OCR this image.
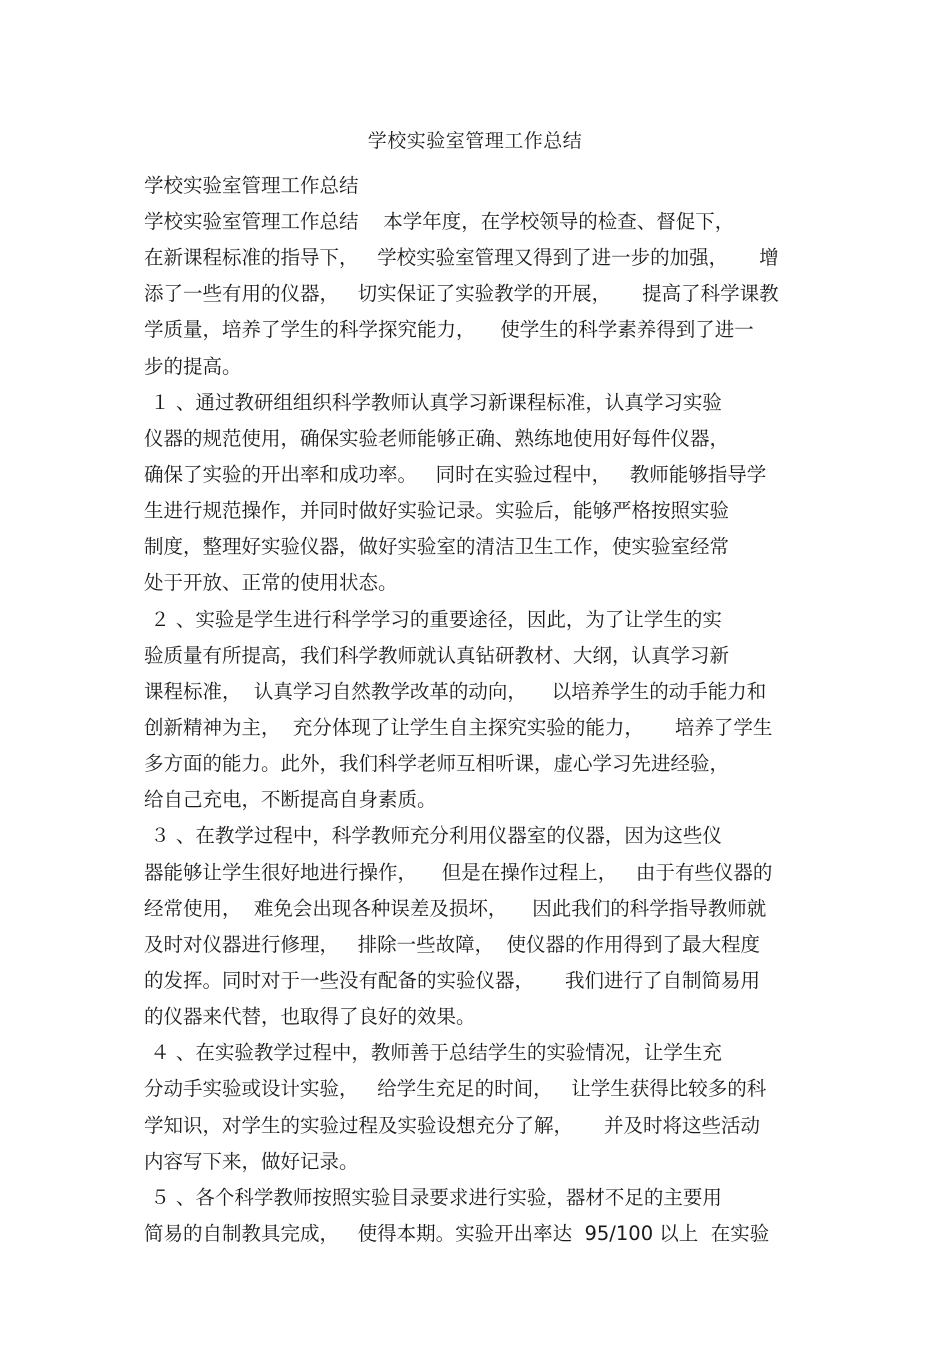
学校实验室管理工作总结
学校实验室管理工作总结
学校实验室管理工作总结    本学年度，在学校领导的检查、督促下，
在新课程标准的指导下，   学校实验室管理又得到了进一步的加强，     增
添了一些有用的仪器，   切实保证了实验教学的开展，     提高了科学课教
学质量，培养了学生的科学探究能力，    使学生的科学素养得到了进一
步的提高。
１ 、通过教研组组织科学教师认真学习新课程标准，认真学习实验
仪器的规范使用，确保实验老师能够正确、熟练地使用好每件仪器，
确保了实验的开出率和成功率。   同时在实验过程中，   教师能够指导学
生进行规范操作，并同时做好实验记录。实验后，能够严格按照实验
制度，整理好实验仪器，做好实验室的清洁卫生工作，使实验室经常
处于开放、正常的使用状态。
２ 、实验是学生进行科学学习的重要途径，因此，为了让学生的实
验质量有所提高，我们科学教师就认真钻研教材、大纲，认真学习新
课程标准，  认真学习自然教学改革的动向，    以培养学生的动手能力和
创新精神为主，  充分体现了让学生自主探究实验的能力，     培养了学生
多方面的能力。此外，我们科学老师互相听课，虚心学习先进经验，
给自己充电，不断提高自身素质。
３ 、在教学过程中，科学教师充分利用仪器室的仪器，因为这些仪
器能够让学生很好地进行操作，    但是在操作过程上，   由于有些仪器的
经常使用，  难免会出现各种误差及损坏，    因此我们的科学指导教师就
及时对仪器进行修理，   排除一些故障，  使仪器的作用得到了最大程度
的发挥。同时对于一些没有配备的实验仪器，     我们进行了自制简易用
的仪器来代替，也取得了良好的效果。
４ 、在实验教学过程中，教师善于总结学生的实验情况，让学生充
分动手实验或设计实验，   给学生充足的时间，   让学生获得比较多的科
学知识，对学生的实验过程及实验设想充分了解，     并及时将这些活动
内容写下来，做好记录。
５ 、各个科学教师按照实验目录要求进行实验，器材不足的主要用
简易的自制教具完成，   使得本期。实验开出率达  95/100 以上  在实验
